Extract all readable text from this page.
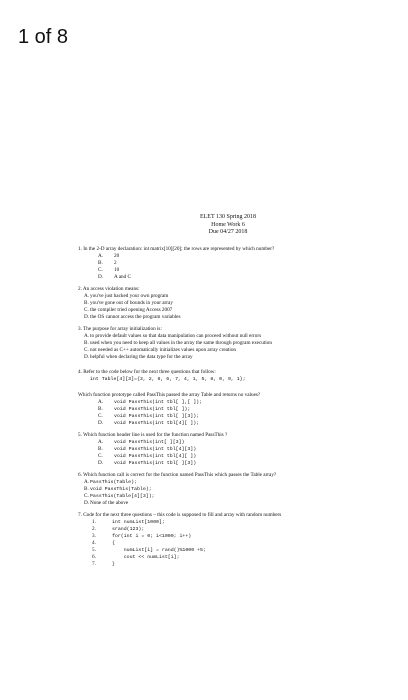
1 of 8
ELET 130 Spring 2018
Home Work 6
Due 04/27 2018
1. In the 2-D array declaration: int matrix[10][20]; the rows are represented by which number?
A.	20
B.	2
C.	10
D.	A and C
2. An access violation means:
A. you've just hacked your own program
B. you've gone out of bounds in your array
C. the compiler tried opening Access 2007
D. the OS cannot access the program variables
3. The purpose for array initialization is:
A. to provide default values so that data manipulation can proceed without null errors
B. used when you need to keep all values in the array the same through program execution
C. not needed as C++ automatically initializes values upon array creation
D. helpful when declaring the data type for the array
4. Refer to the code below for the next three questions that follow:
int Table[4][3]={3, 2, 8, 6, 7, 4, 1, 5, 8, 0, 9, 1};
Which function prototype called PassThis passed the array Table and returns no values?
A.	void PassThis(int tbl[ ],[ ]);
B.	void PassThis(int tbl[ ]);
C.	void PassThis(int tbl[ ][3]);
D.	void PassThis(int tbl[4][ ]);
5. Which function header line is used for the function named PassThis ?
A.	void PassThis(int[ ][3])
B.	void PassThis(int tbl[4][3])
C.	void PassThis(int tbl[4][ ])
D.	void PassThis(int tbl[ ][3])
6. Which function call is correct for the function named PassThis which passes the Table array?
A. PassThis(Table);
B. void PassThis(Table);
C. PassThis(Table[4][3]);
D. None of the above
7. Code for the next three questions – this code is supposed to fill and array with random numbers
1.	int numList[1000];
2.	srand(123);
3.	for(int i = 0; i<1000; i++)
4.	{
5.	numList[i] = rand()%1000 +5;
6.	cout << numList[i];
7.	}
